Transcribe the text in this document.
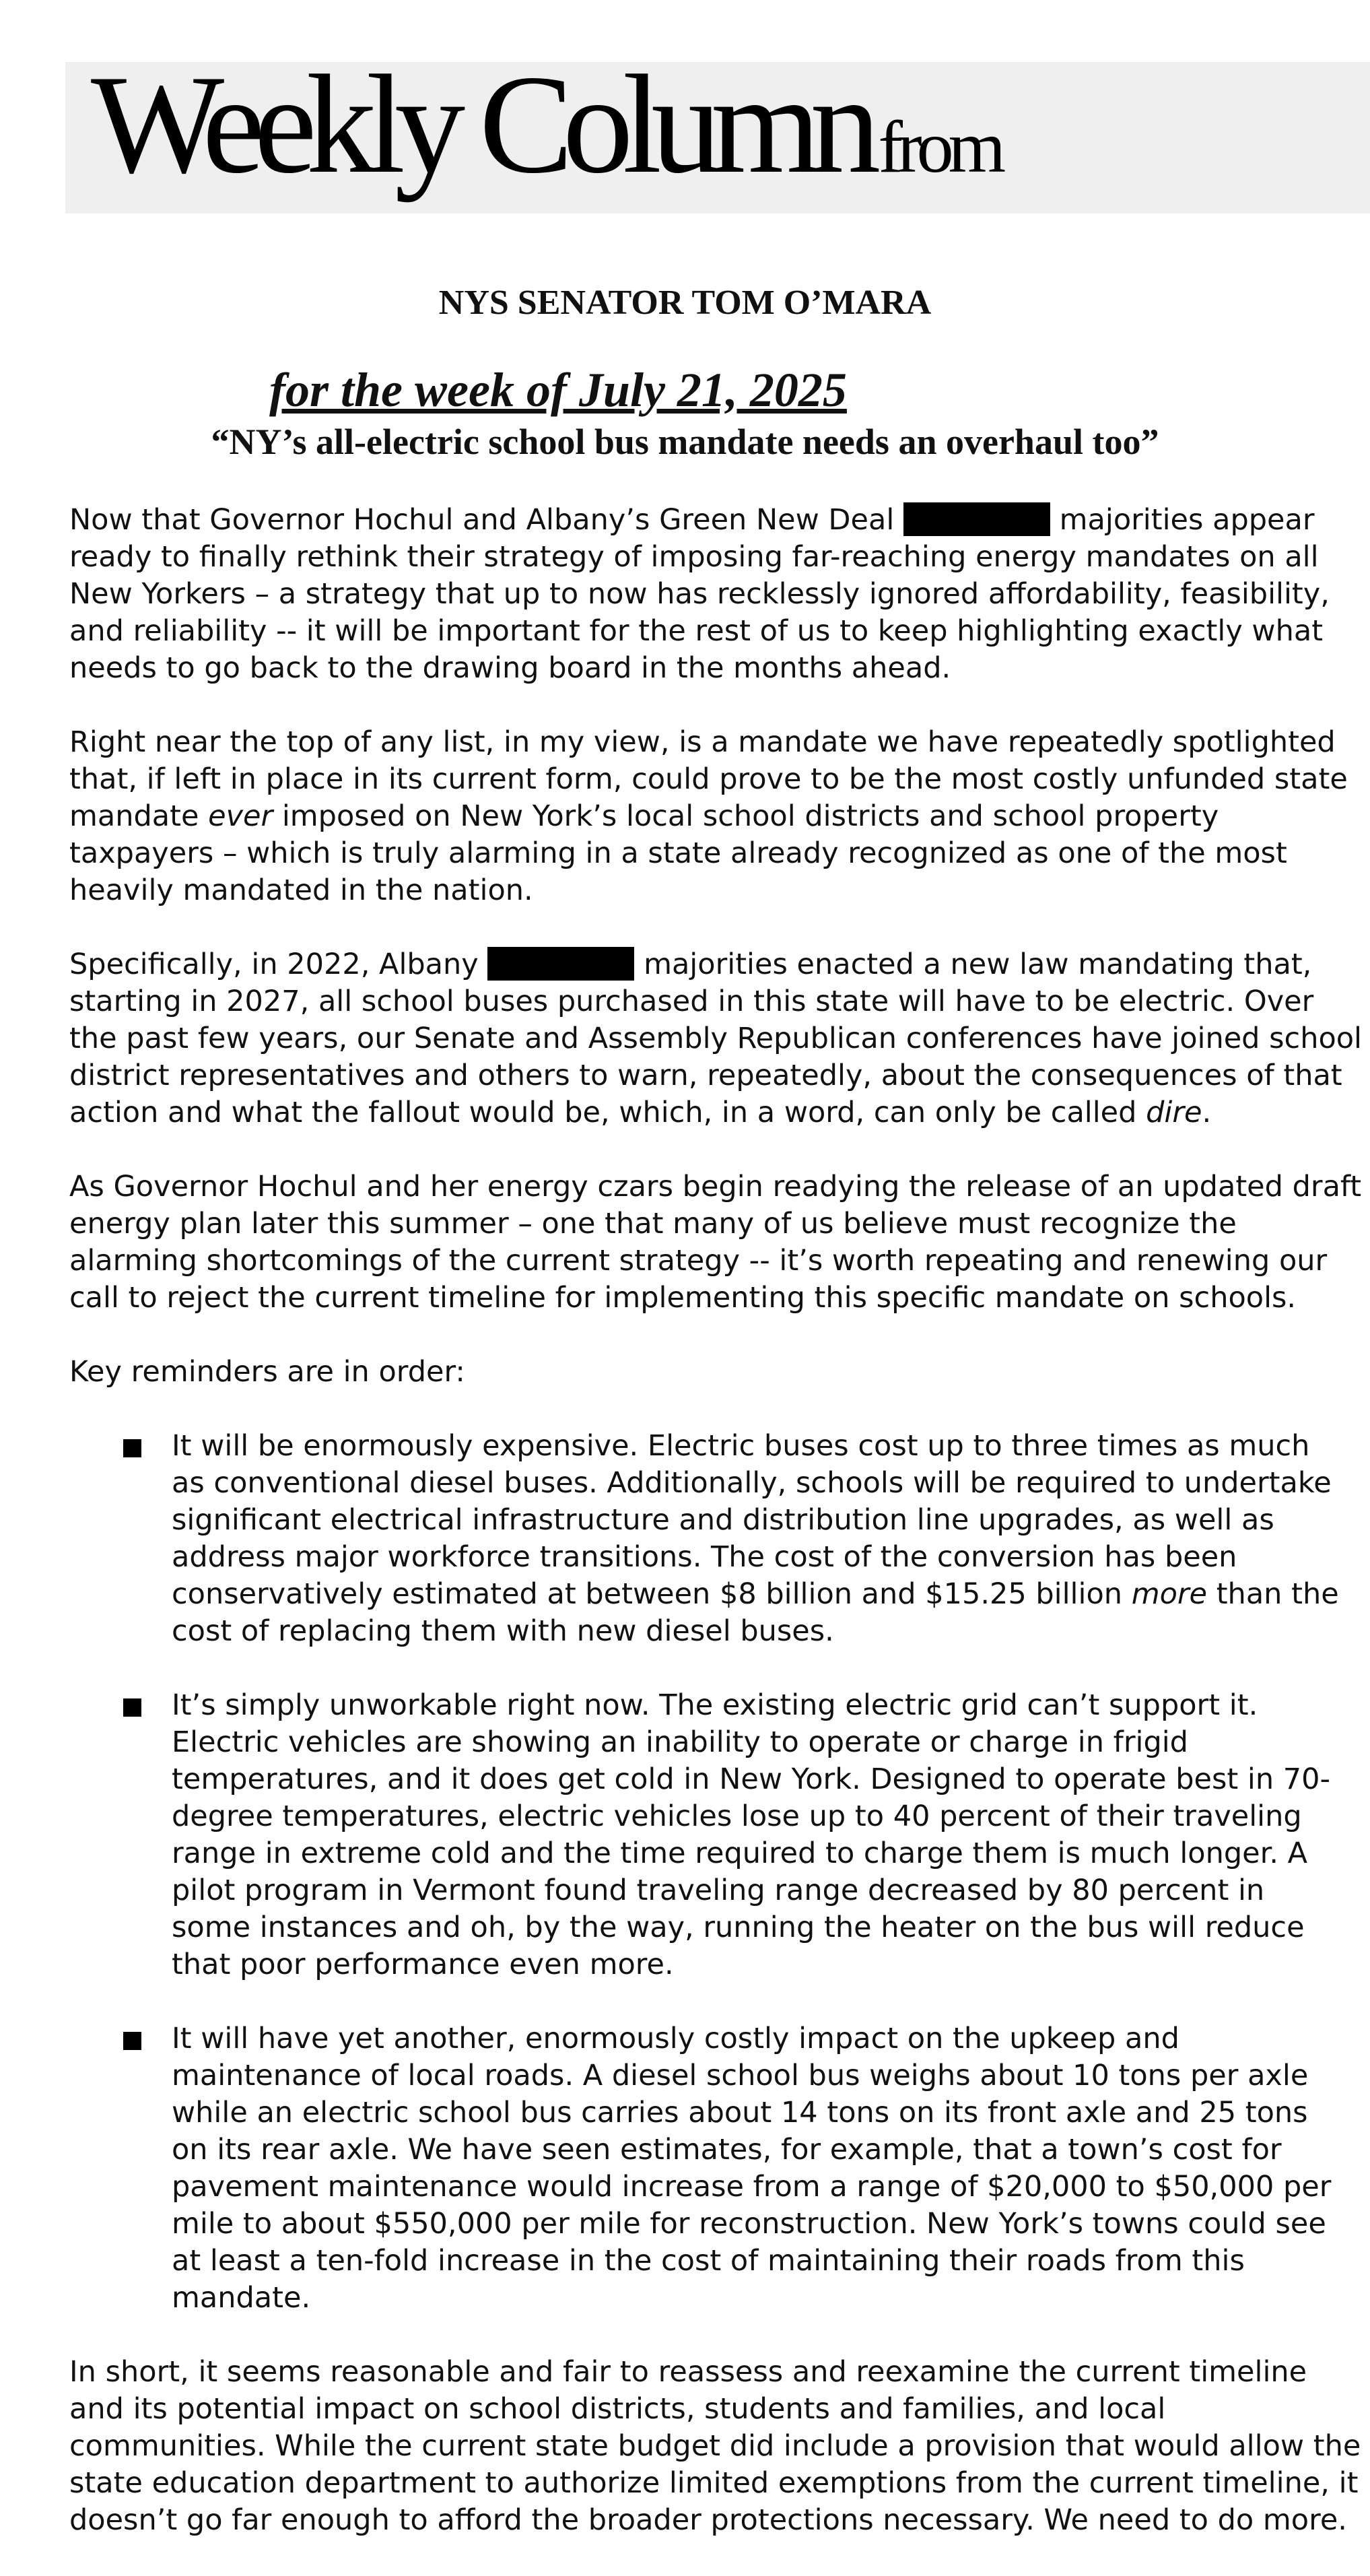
Weekly Column from
NYS SENATOR TOM O’MARA
for the week of July 21, 2025
“NY’s all-electric school bus mandate needs an overhaul too”

Now that Governor Hochul and Albany’s Green New Deal	majorities appear ready to finally rethink their strategy of imposing far-reaching energy mandates on all New Yorkers – a strategy that up to now has recklessly ignored affordability, feasibility, and reliability -- it will be important for the rest of us to keep highlighting exactly what needs to go back to the drawing board in the months ahead.

Right near the top of any list, in my view, is a mandate we have repeatedly spotlighted that, if left in place in its current form, could prove to be the most costly unfunded state mandate ever imposed on New York’s local school districts and school property taxpayers – which is truly alarming in a state already recognized as one of the most heavily mandated in the nation.

Specifically, in 2022, Albany	majorities enacted a new law mandating that, starting in 2027, all school buses purchased in this state will have to be electric. Over the past few years, our Senate and Assembly Republican conferences have joined school district representatives and others to warn, repeatedly, about the consequences of that action and what the fallout would be, which, in a word, can only be called dire.

As Governor Hochul and her energy czars begin readying the release of an updated draft energy plan later this summer – one that many of us believe must recognize the alarming shortcomings of the current strategy -- it’s worth repeating and renewing our call to reject the current timeline for implementing this specific mandate on schools.

Key reminders are in order:

It will be enormously expensive. Electric buses cost up to three times as much as conventional diesel buses. Additionally, schools will be required to undertake significant electrical infrastructure and distribution line upgrades, as well as address major workforce transitions. The cost of the conversion has been conservatively estimated at between $8 billion and $15.25 billion more than the cost of replacing them with new diesel buses.
It’s simply unworkable right now. The existing electric grid can’t support it. Electric vehicles are showing an inability to operate or charge in frigid temperatures, and it does get cold in New York. Designed to operate best in 70-degree temperatures, electric vehicles lose up to 40 percent of their traveling range in extreme cold and the time required to charge them is much longer. A pilot program in Vermont found traveling range decreased by 80 percent in some instances and oh, by the way, running the heater on the bus will reduce that poor performance even more.
It will have yet another, enormously costly impact on the upkeep and maintenance of local roads. A diesel school bus weighs about 10 tons per axle while an electric school bus carries about 14 tons on its front axle and 25 tons on its rear axle. We have seen estimates, for example, that a town’s cost for pavement maintenance would increase from a range of $20,000 to $50,000 per mile to about $550,000 per mile for reconstruction. New York’s towns could see at least a ten-fold increase in the cost of maintaining their roads from this mandate.

In short, it seems reasonable and fair to reassess and reexamine the current timeline and its potential impact on school districts, students and families, and local communities. While the current state budget did include a provision that would allow the state education department to authorize limited exemptions from the current timeline, it doesn’t go far enough to afford the broader protections necessary. We need to do more.
